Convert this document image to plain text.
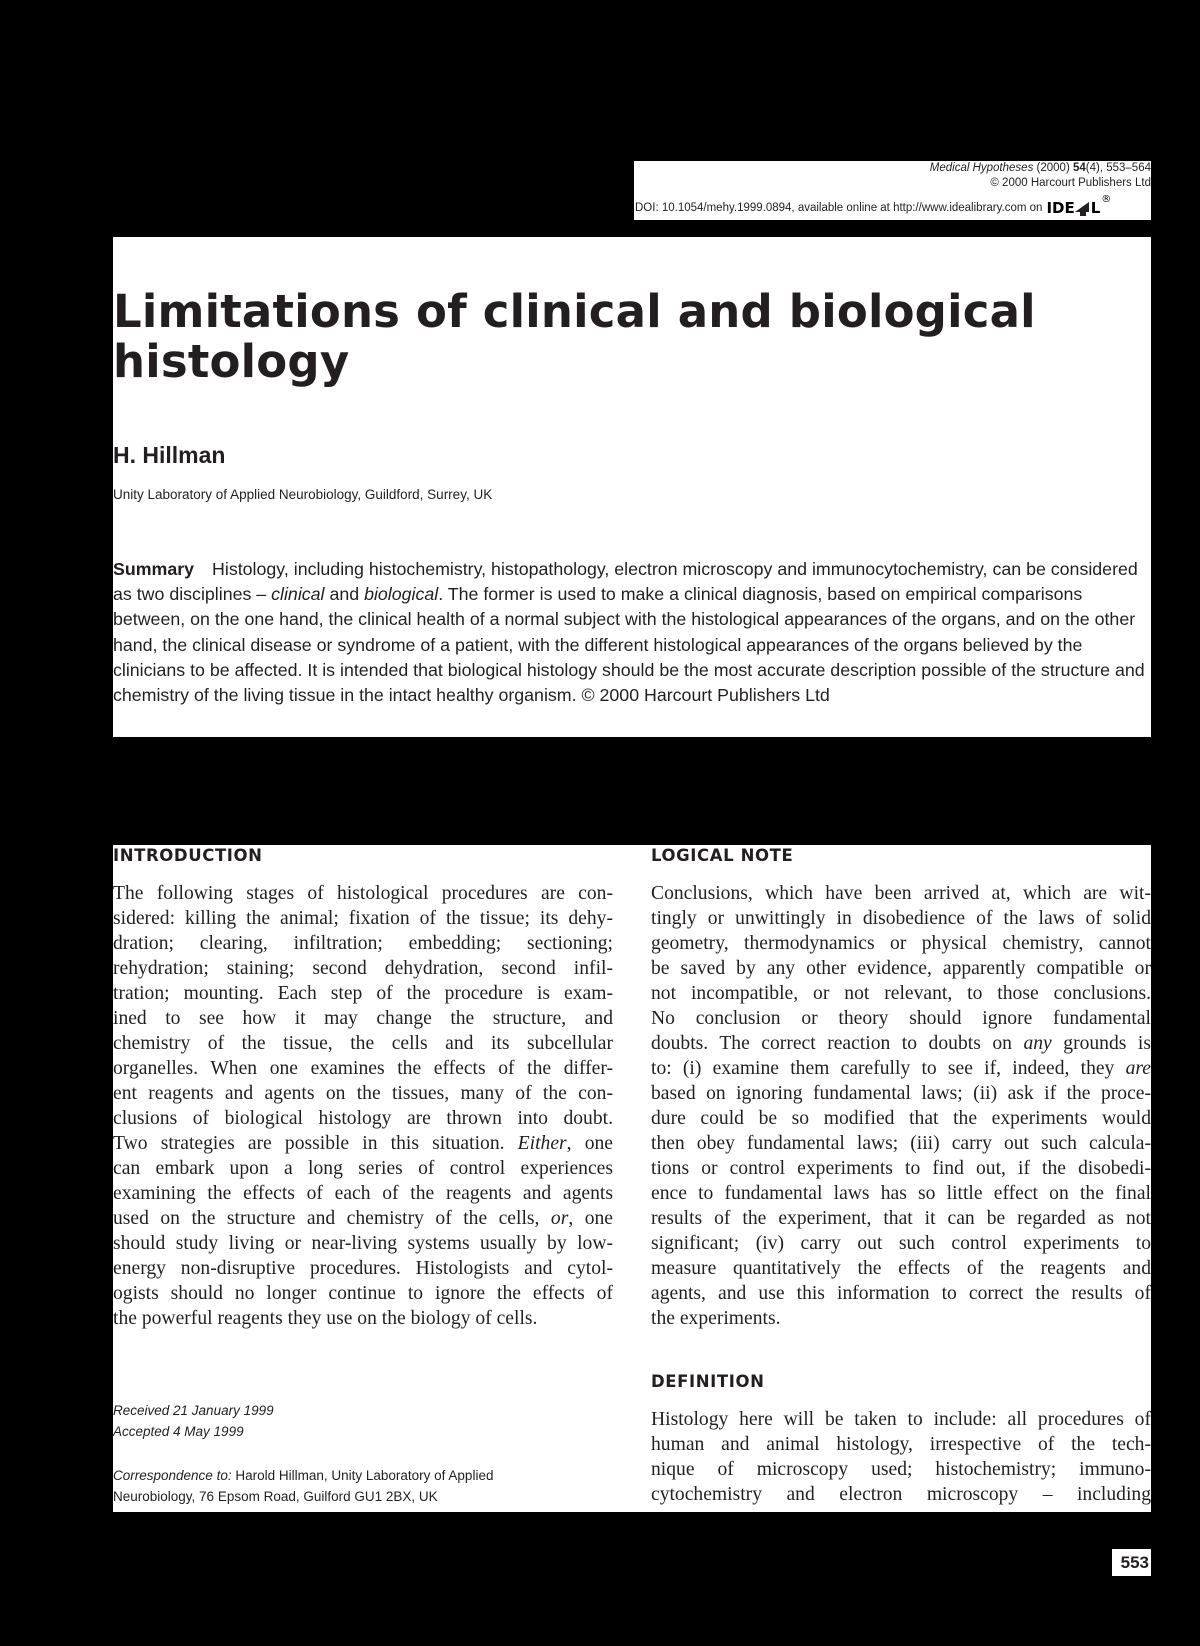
Medical Hypotheses (2000) 54(4), 553–564
© 2000 Harcourt Publishers Ltd
DOI: 10.1054/mehy.1999.0894, available online at http://www.idealibrary.com on IDE L ®
Limitations of clinical and biological
histology
H. Hillman
Unity Laboratory of Applied Neurobiology, Guildford, Surrey, UK

Summary Histology, including histochemistry, histopathology, electron microscopy and immunocytochemistry, can be considered as two disciplines – clinical and biological. The former is used to make a clinical diagnosis, based on empirical comparisons between, on the one hand, the clinical health of a normal subject with the histological appearances of the organs, and on the other hand, the clinical disease or syndrome of a patient, with the different histological appearances of the organs believed by the clinicians to be affected. It is intended that biological histology should be the most accurate description possible of the structure and chemistry of the living tissue in the intact healthy organism. © 2000 Harcourt Publishers Ltd

INTRODUCTION
The following stages of histological procedures are con-
sidered: killing the animal; fixation of the tissue; its dehy-
dration; clearing, infiltration; embedding; sectioning;
rehydration; staining; second dehydration, second infil-
tration; mounting. Each step of the procedure is exam-
ined to see how it may change the structure, and
chemistry of the tissue, the cells and its subcellular
organelles. When one examines the effects of the differ-
ent reagents and agents on the tissues, many of the con-
clusions of biological histology are thrown into doubt.
Two strategies are possible in this situation. Either, one
can embark upon a long series of control experiences
examining the effects of each of the reagents and agents
used on the structure and chemistry of the cells, or, one
should study living or near-living systems usually by low-
energy non-disruptive procedures. Histologists and cytol-
ogists should no longer continue to ignore the effects of
the powerful reagents they use on the biology of cells.
Received 21 January 1999
Accepted 4 May 1999
Correspondence to: Harold Hillman, Unity Laboratory of Applied
Neurobiology, 76 Epsom Road, Guilford GU1 2BX, UK
LOGICAL NOTE
Conclusions, which have been arrived at, which are wit-
tingly or unwittingly in disobedience of the laws of solid
geometry, thermodynamics or physical chemistry, cannot
be saved by any other evidence, apparently compatible or
not incompatible, or not relevant, to those conclusions.
No conclusion or theory should ignore fundamental
doubts. The correct reaction to doubts on any grounds is
to: (i) examine them carefully to see if, indeed, they are
based on ignoring fundamental laws; (ii) ask if the proce-
dure could be so modified that the experiments would
then obey fundamental laws; (iii) carry out such calcula-
tions or control experiments to find out, if the disobedi-
ence to fundamental laws has so little effect on the final
results of the experiment, that it can be regarded as not
significant; (iv) carry out such control experiments to
measure quantitatively the effects of the reagents and
agents, and use this information to correct the results of
the experiments.
DEFINITION
Histology here will be taken to include: all procedures of
human and animal histology, irrespective of the tech-
nique of microscopy used; histochemistry; immuno-
cytochemistry and electron microscopy – including
553
